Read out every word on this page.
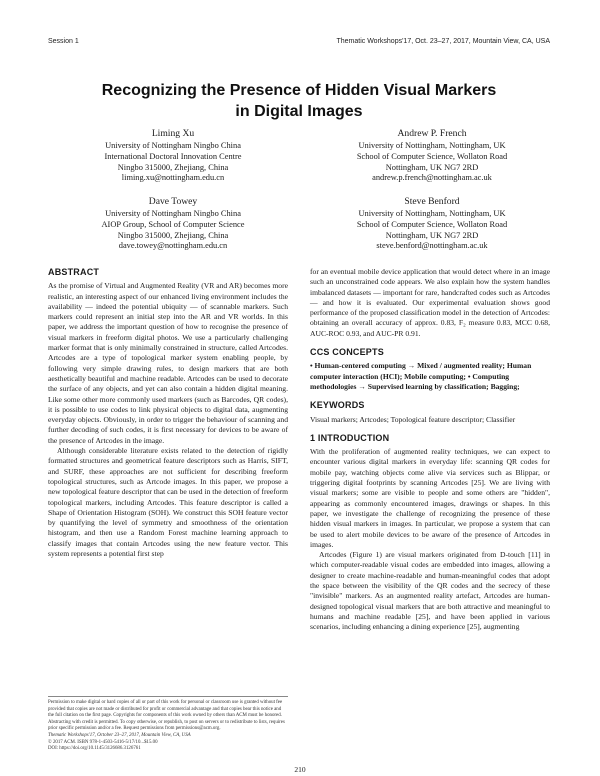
Session 1	Thematic Workshops'17, Oct. 23–27, 2017, Mountain View, CA, USA
Recognizing the Presence of Hidden Visual Markers
in Digital Images
Liming Xu
University of Nottingham Ningbo China
International Doctoral Innovation Centre
Ningbo 315000, Zhejiang, China
liming.xu@nottingham.edu.cn
Andrew P. French
University of Nottingham, Nottingham, UK
School of Computer Science, Wollaton Road
Nottingham, UK NG7 2RD
andrew.p.french@nottingham.ac.uk
Dave Towey
University of Nottingham Ningbo China
AIOP Group, School of Computer Science
Ningbo 315000, Zhejiang, China
dave.towey@nottingham.edu.cn
Steve Benford
University of Nottingham, Nottingham, UK
School of Computer Science, Wollaton Road
Nottingham, UK NG7 2RD
steve.benford@nottingham.ac.uk
ABSTRACT

As the promise of Virtual and Augmented Reality (VR and AR) becomes more realistic, an interesting aspect of our enhanced living environment includes the availability — indeed the potential ubiquity — of scannable markers. Such markers could represent an initial step into the AR and VR worlds. In this paper, we address the important question of how to recognise the presence of visual markers in freeform digital photos. We use a particularly challenging marker format that is only minimally constrained in structure, called Artcodes. Artcodes are a type of topological marker system enabling people, by following very simple drawing rules, to design markers that are both aesthetically beautiful and machine readable. Artcodes can be used to decorate the surface of any objects, and yet can also contain a hidden digital meaning. Like some other more commonly used markers (such as Barcodes, QR codes), it is possible to use codes to link physical objects to digital data, augmenting everyday objects. Obviously, in order to trigger the behaviour of scanning and further decoding of such codes, it is first necessary for devices to be aware of the presence of Artcodes in the image.

Although considerable literature exists related to the detection of rigidly formatted structures and geometrical feature descriptors such as Harris, SIFT, and SURF, these approaches are not sufficient for describing freeform topological structures, such as Artcode images. In this paper, we propose a new topological feature descriptor that can be used in the detection of freeform topological markers, including Artcodes. This feature descriptor is called a Shape of Orientation Histogram (SOH). We construct this SOH feature vector by quantifying the level of symmetry and smoothness of the orientation histogram, and then use a Random Forest machine learning approach to classify images that contain Artcodes using the new feature vector. This system represents a potential first step

Permission to make digital or hard copies of all or part of this work for personal or classroom use is granted without fee provided that copies are not made or distributed for profit or commercial advantage and that copies bear this notice and the full citation on the first page. Copyrights for components of this work owned by others than ACM must be honored. Abstracting with credit is permitted. To copy otherwise, or republish, to post on servers or to redistribute to lists, requires prior specific permission and/or a fee. Request permissions from permissions@acm.org.

Thematic Workshops'17, October 23–27, 2017, Mountain View, CA, USA

© 2017 ACM. ISBN 978-1-4503-5416-5/17/10...$15.00

DOI: https://doi.org/10.1145/3126686.3126761

for an eventual mobile device application that would detect where in an image such an unconstrained code appears. We also explain how the system handles imbalanced datasets — important for rare, handcrafted codes such as Artcodes — and how it is evaluated. Our experimental evaluation shows good performance of the proposed classification model in the detection of Artcodes: obtaining an overall accuracy of approx. 0.83, F₂ measure 0.83, MCC 0.68, AUC-ROC 0.93, and AUC-PR 0.91.

CCS CONCEPTS

• Human-centered computing → Mixed / augmented reality; Human computer interaction (HCI); Mobile computing; • Computing methodologies → Supervised learning by classification; Bagging;

KEYWORDS

Visual markers; Artcodes; Topological feature descriptor; Classifier

1 INTRODUCTION

With the proliferation of augmented reality techniques, we can expect to encounter various digital markers in everyday life: scanning QR codes for mobile pay, watching objects come alive via services such as Blippar, or triggering digital footprints by scanning Artcodes [25]. We are living with visual markers; some are visible to people and some others are "hidden", appearing as commonly encountered images, drawings or shapes. In this paper, we investigate the challenge of recognizing the presence of these hidden visual markers in images. In particular, we propose a system that can be used to alert mobile devices to be aware of the presence of Artcodes in images.

Artcodes (Figure 1) are visual markers originated from D-touch [11] in which computer-readable visual codes are embedded into images, allowing a designer to create machine-readable and human-meaningful codes that adopt the space between the visibility of the QR codes and the secrecy of these "invisible" markers. As an augmented reality artefact, Artcodes are human-designed topological visual markers that are both attractive and meaningful to humans and machine readable [25], and have been applied in various scenarios, including enhancing a dining experience [25], augmenting

210
